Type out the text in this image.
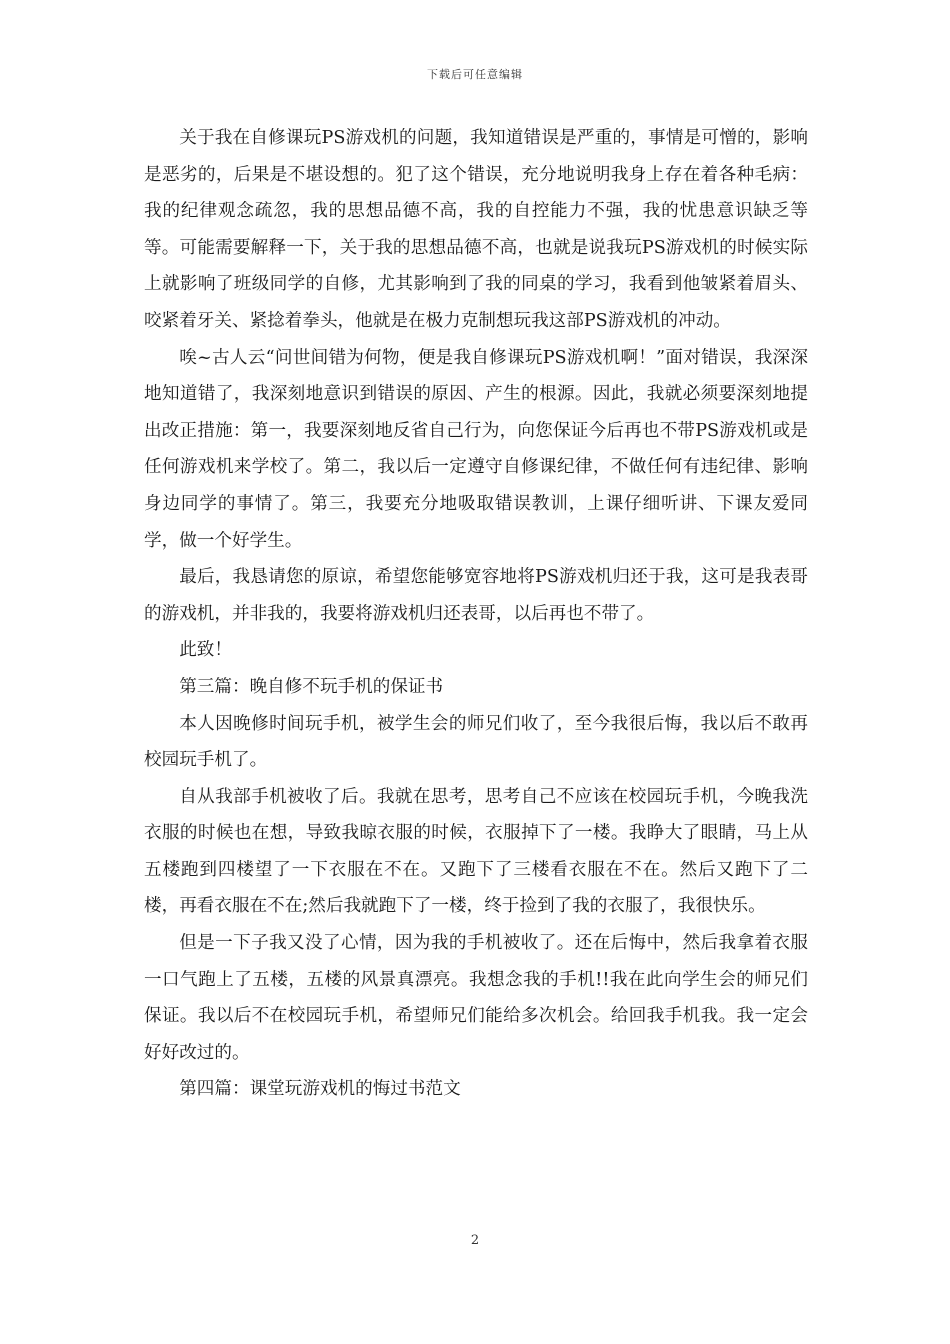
下载后可任意编辑

关于我在自修课玩PS游戏机的问题，我知道错误是严重的，事情是可憎的，影响是恶劣的，后果是不堪设想的。犯了这个错误，充分地说明我身上存在着各种毛病：我的纪律观念疏忽，我的思想品德不高，我的自控能力不强，我的忧患意识缺乏等等。可能需要解释一下，关于我的思想品德不高，也就是说我玩PS游戏机的时候实际上就影响了班级同学的自修，尤其影响到了我的同桌的学习，我看到他皱紧着眉头、咬紧着牙关、紧捻着拳头，他就是在极力克制想玩我这部PS游戏机的冲动。

唉~古人云“问世间错为何物，便是我自修课玩PS游戏机啊！”面对错误，我深深地知道错了，我深刻地意识到错误的原因、产生的根源。因此，我就必须要深刻地提出改正措施：第一，我要深刻地反省自己行为，向您保证今后再也不带PS游戏机或是任何游戏机来学校了。第二，我以后一定遵守自修课纪律，不做任何有违纪律、影响身边同学的事情了。第三，我要充分地吸取错误教训，上课仔细听讲、下课友爱同学，做一个好学生。

最后，我恳请您的原谅，希望您能够宽容地将PS游戏机归还于我，这可是我表哥的游戏机，并非我的，我要将游戏机归还表哥，以后再也不带了。

此致！

第三篇：晚自修不玩手机的保证书

本人因晚修时间玩手机，被学生会的师兄们收了，至今我很后悔，我以后不敢再校园玩手机了。

自从我部手机被收了后。我就在思考，思考自己不应该在校园玩手机，今晚我洗衣服的时候也在想，导致我晾衣服的时候，衣服掉下了一楼。我睁大了眼睛，马上从五楼跑到四楼望了一下衣服在不在。又跑下了三楼看衣服在不在。然后又跑下了二楼，再看衣服在不在;然后我就跑下了一楼，终于捡到了我的衣服了，我很快乐。

但是一下子我又没了心情，因为我的手机被收了。还在后悔中，然后我拿着衣服一口气跑上了五楼，五楼的风景真漂亮。我想念我的手机!!我在此向学生会的师兄们保证。我以后不在校园玩手机，希望师兄们能给多次机会。给回我手机我。我一定会好好改过的。

第四篇：课堂玩游戏机的悔过书范文

2
